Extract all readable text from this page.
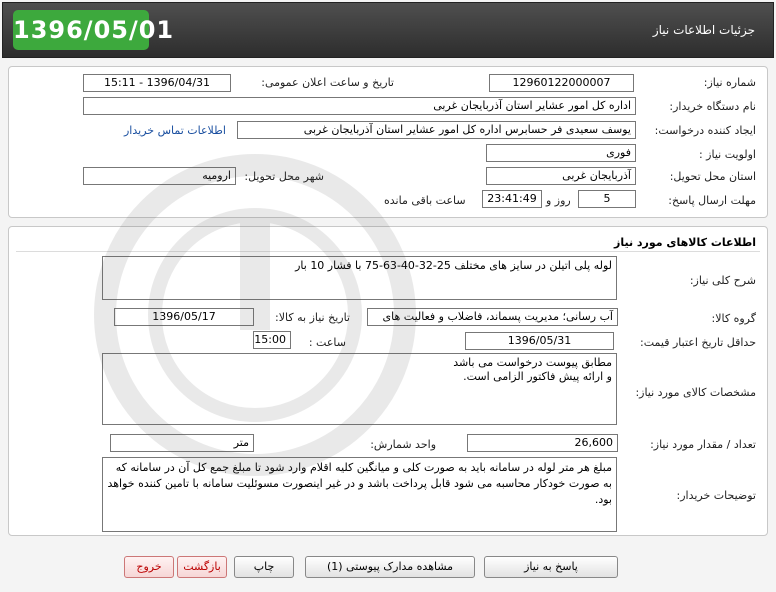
1396/05/01	جزئیات اطلاعات نیاز
شماره نیاز:
12960122000007
تاریخ و ساعت اعلان عمومی:
1396/04/31 - 15:11
نام دستگاه خریدار:
اداره کل امور عشایر استان آذربایجان غربی
ایجاد کننده درخواست:
یوسف سعیدی فر حسابرس اداره کل امور عشایر استان آذربایجان غربی
اطلاعات تماس خریدار
اولویت نیاز :
فوری
استان محل تحویل:
آذربایجان غربی
شهر محل تحویل:
ارومیه
مهلت ارسال پاسخ:
5
روز و
23:41:49
ساعت باقی مانده
اطلاعات کالاهای مورد نیاز
شرح کلی نیاز:
لوله پلی اتیلن در سایز های مختلف 25-32-40-63-75 با فشار 10 بار
گروه کالا:
آب رسانی؛ مدیریت پسماند، فاضلاب و فعالیت های
تاریخ نیاز به کالا:
1396/05/17
حداقل تاریخ اعتبار قیمت:
1396/05/31
ساعت :
15:00
مشخصات کالای مورد نیاز:
مطابق پیوست درخواست می باشد
و ارائه پیش فاکتور الزامی است.
تعداد / مقدار مورد نیاز:
26,600
واحد شمارش:
متر
توضیحات خریدار:
مبلغ هر متر لوله در سامانه باید به صورت کلی و میانگین کلیه اقلام وارد شود تا مبلغ جمع کل آن در سامانه که به صورت خودکار محاسبه می شود قابل پرداخت باشد و در غیر اینصورت مسوئلیت سامانه با تامین کننده خواهد بود.
پاسخ به نیاز
مشاهده مدارک پیوستی (1)
چاپ
بازگشت
خروج
